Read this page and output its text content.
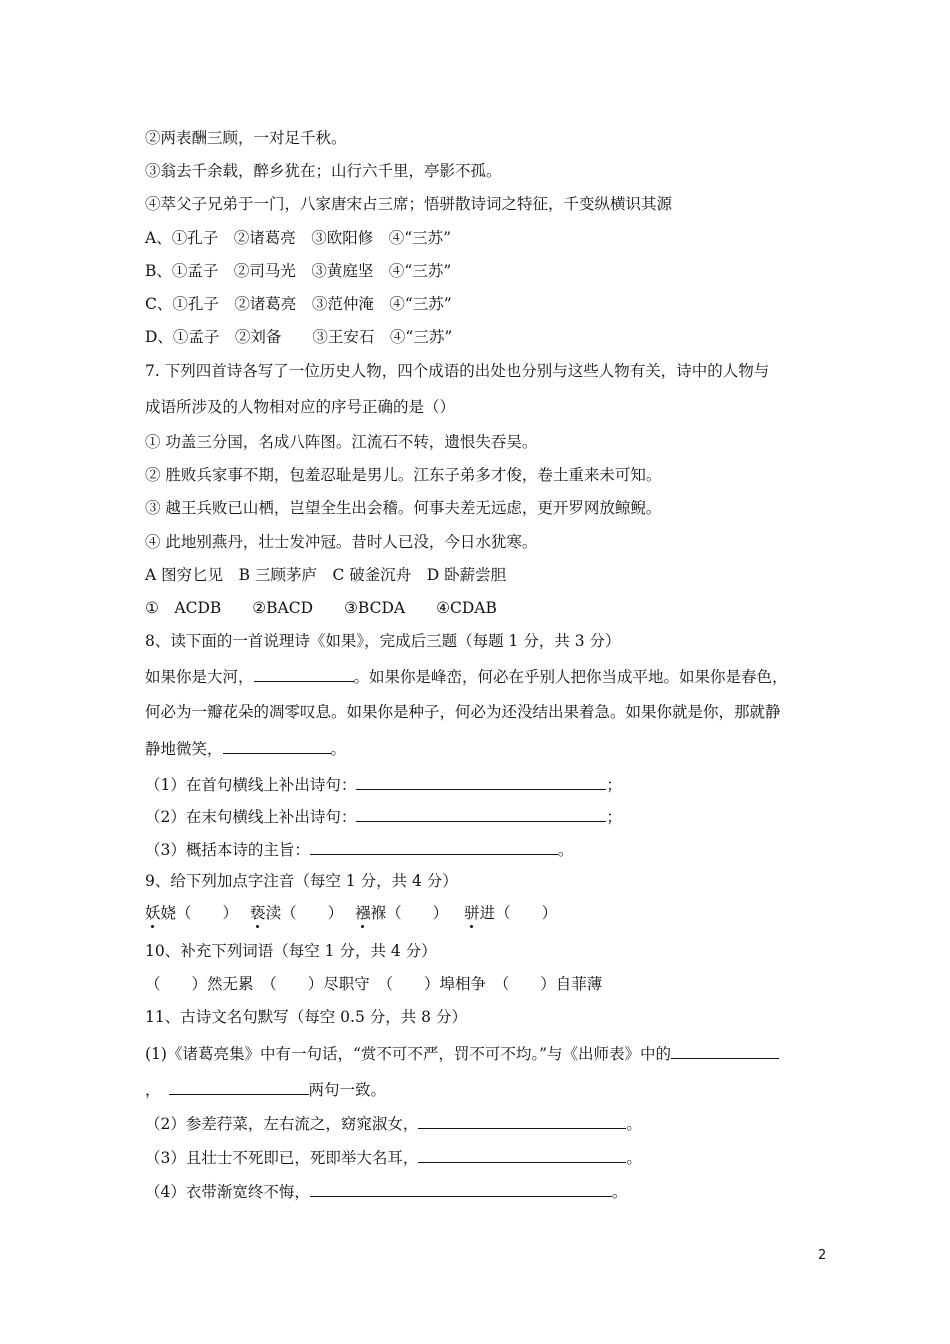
②两表酬三顾，一对足千秋。
③翁去千余载，醉乡犹在；山行六千里，亭影不孤。
④萃父子兄弟于一门，八家唐宋占三席；悟骈散诗词之特征，千变纵横识其源
A、①孔子　②诸葛亮　③欧阳修　④“三苏”
B、①孟子　②司马光　③黄庭坚　④“三苏”
C、①孔子　②诸葛亮　③范仲淹　④“三苏”
D、①孟子　②刘备　　③王安石　④“三苏”
7. 下列四首诗各写了一位历史人物，四个成语的出处也分别与这些人物有关，诗中的人物与
成语所涉及的人物相对应的序号正确的是（）
① 功盖三分国，名成八阵图。江流石不转，遗恨失吞吴。
② 胜败兵家事不期，包羞忍耻是男儿。江东子弟多才俊，卷土重来未可知。
③ 越王兵败已山栖，岂望全生出会稽。何事夫差无远虑，更开罗网放鲸鲵。
④ 此地别燕丹，壮士发冲冠。昔时人已没，今日水犹寒。
A 图穷匕见　B 三顾茅庐　C 破釜沉舟　D 卧薪尝胆
①　ACDB　　②BACD　　③BCDA　　④CDAB
8、读下面的一首说理诗《如果》，完成后三题（每题 1 分，共 3 分）
如果你是大河，	。如果你是峰峦，何必在乎别人把你当成平地。如果你是春色，
何必为一瓣花朵的凋零叹息。如果你是种子，何必为还没结出果着急。如果你就是你，那就静
静地微笑，	。
（1）在首句横线上补出诗句：	；
（2）在末句横线上补出诗句：	；
（3）概括本诗的主旨：	。
9、给下列加点字注音（每空 1 分，共 4 分）
妖娆（　　） 亵渎（　　） 襁褓（　　） 骈进（　　）
10、补充下列词语（每空 1 分，共 4 分）
（　　）然无累　（　　）尽职守　（　　）埠相争　（　　）自菲薄
11、古诗文名句默写（每空 0.5 分，共 8 分）
(1)《诸葛亮集》中有一句话，“赏不可不严，罚不可不均。”与《出师表》中的
，	两句一致。
（2）参差荇菜，左右流之，窈窕淑女，	。
（3）且壮士不死即已，死即举大名耳，	。
（4）衣带渐宽终不悔，	。
2
